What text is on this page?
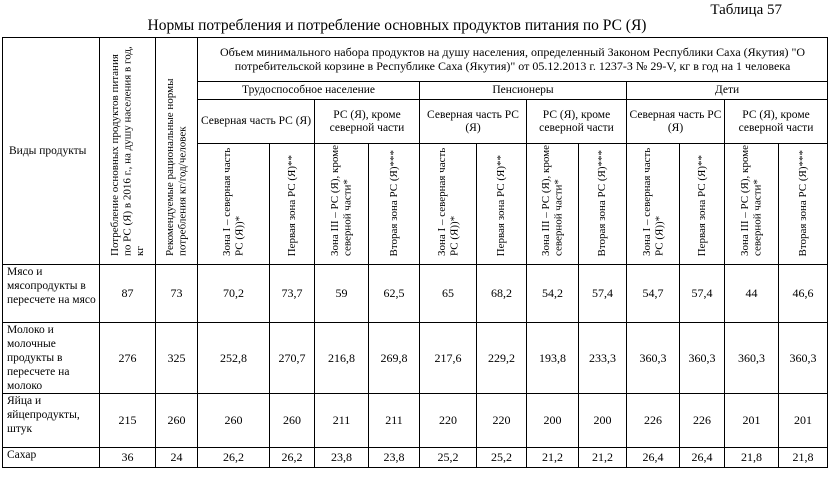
Таблица 57
Нормы потребления и потребление основных продуктов питания по РС (Я)
Виды продукты	Потребление основных продуктов питания по РС (Я) в 2016 г., на душу населения в год, кг	Рекомендуемые рациональные нормы потребления кг/год/человек	Объем минимального набора продуктов на душу населения, определенный Законом Республики Саха (Якутия) "О потребительской корзине в Республике Саха (Якутия)" от 05.12.2013 г. 1237-З № 29-V, кг в год на 1 человека											
			Трудоспособное население				Пенсионеры				Дети			
			Северная часть РС (Я)		РС (Я), кроме северной части		Северная часть РС (Я)		РС (Я), кроме северной части		Северная часть РС (Я)		РС (Я), кроме северной части	
			Зона I – северная часть РС (Я))*	Первая зона РС (Я)**	Зона III – РС (Я), кроме северной части*	Вторая зона РС (Я)***	Зона I – северная часть РС (Я))*	Первая зона РС (Я)**	Зона III – РС (Я), кроме северной части*	Вторая зона РС (Я)***	Зона I – северная часть РС (Я))*	Первая зона РС (Я)**	Зона III – РС (Я), кроме северной части*	Вторая зона РС (Я)***
Мясо и мясопродукты в пересчете на мясо	87	73	70,2	73,7	59	62,5	65	68,2	54,2	57,4	54,7	57,4	44	46,6
Молоко и молочные продукты в пересчете на молоко	276	325	252,8	270,7	216,8	269,8	217,6	229,2	193,8	233,3	360,3	360,3	360,3	360,3
Яйца и яйцепродукты, штук	215	260	260	260	211	211	220	220	200	200	226	226	201	201
Сахар	36	24	26,2	26,2	23,8	23,8	25,2	25,2	21,2	21,2	26,4	26,4	21,8	21,8
